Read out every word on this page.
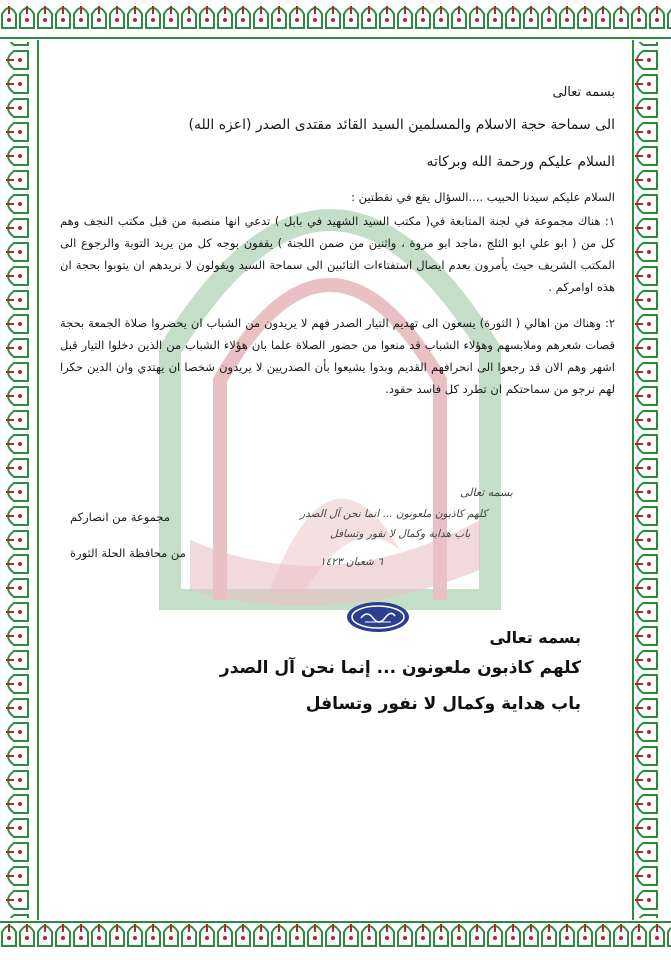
بسمه تعالى

الى سماحة حجة الاسلام والمسلمين السيد القائد مقتدى الصدر (اعزه الله)

السلام عليكم ورحمة الله وبركاته

السلام عليكم سيدنا الحبيب ....السؤال يقع في نقطتين :

١: هناك مجموعة في لجنة المتابعة في( مكتب السيد الشهيد في بابل ) تدعي انها منصبة من قبل مكتب النجف وهم كل من ( ابو علي ابو الثلج ،ماجد ابو مروة ، واثنين من ضمن اللجنة ) يقفون بوجه كل من يريد التوبة والرجوع الى المكتب الشريف حيث يأمرون بعدم ايصال استفتاءات التائبين الى سماحة السيد ويقولون لا نريدهم ان يتوبوا بحجة ان هذه اوامركم .

٢: وهناك من اهالي ( الثورة) يسعون الى تهديم التيار الصدر فهم لا يريدون من الشباب ان يحضروا صلاة الجمعة بحجة قصات شعرهم وملابسهم وهؤلاء الشباب قد منعوا من حضور الصلاة علما بان هؤلاء الشباب من الذين دخلوا التيار قبل اشهر وهم الان قد رجعوا الى انحرافهم القديم وبدوا يشيعوا بأن الصدريين لا يريدون شخصا ان يهتدي وان الدين حكرا لهم نرجو من سماحتكم ان تطرد كل فاسد حقود.

مجموعة من انصاركم
من محافظة الحلة الثورة
بسمه تعالى
كلهم كاذبون ملعونون ... انما نحن آل الصدر
باب هداية وكمال لا نفور وتسافل
٦ شعبان ١٤٢٣
بسمه تعالى
كلهم كاذبون ملعونون ... إنما نحن آل الصدر
باب هداية وكمال لا نفور وتسافل
